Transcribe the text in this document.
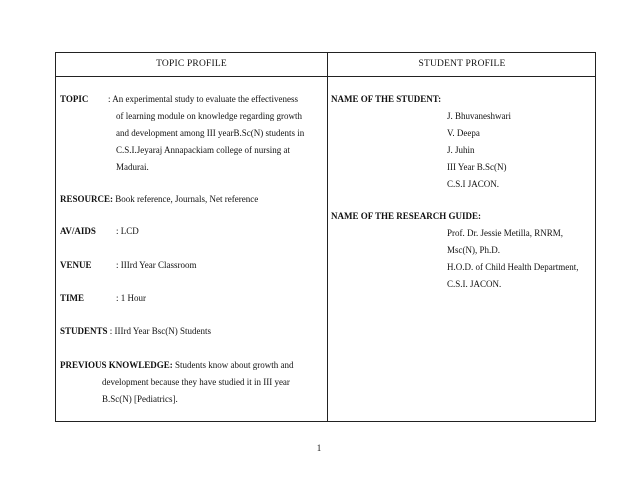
TOPIC PROFILE	STUDENT PROFILE
TOPIC : An experimental study to evaluate the effectiveness
of learning module on knowledge regarding growth
and development among III yearB.Sc(N) students in
C.S.I.Jeyaraj Annapackiam college of nursing at
Madurai.
RESOURCE: Book reference, Journals, Net reference
AV/AIDS : LCD
VENUE	: IIIrd Year Classroom
TIME	: 1 Hour
STUDENTS : IIIrd Year Bsc(N) Students
PREVIOUS KNOWLEDGE: Students know about growth and
development because they have studied it in III year
B.Sc(N) [Pediatrics].
NAME OF THE STUDENT:
J. Bhuvaneshwari
V. Deepa
J. Juhin
III Year B.Sc(N)
C.S.I JACON.
NAME OF THE RESEARCH GUIDE:
Prof. Dr. Jessie Metilla, RNRM,
Msc(N), Ph.D.
H.O.D. of Child Health Department,
C.S.I. JACON.
1
